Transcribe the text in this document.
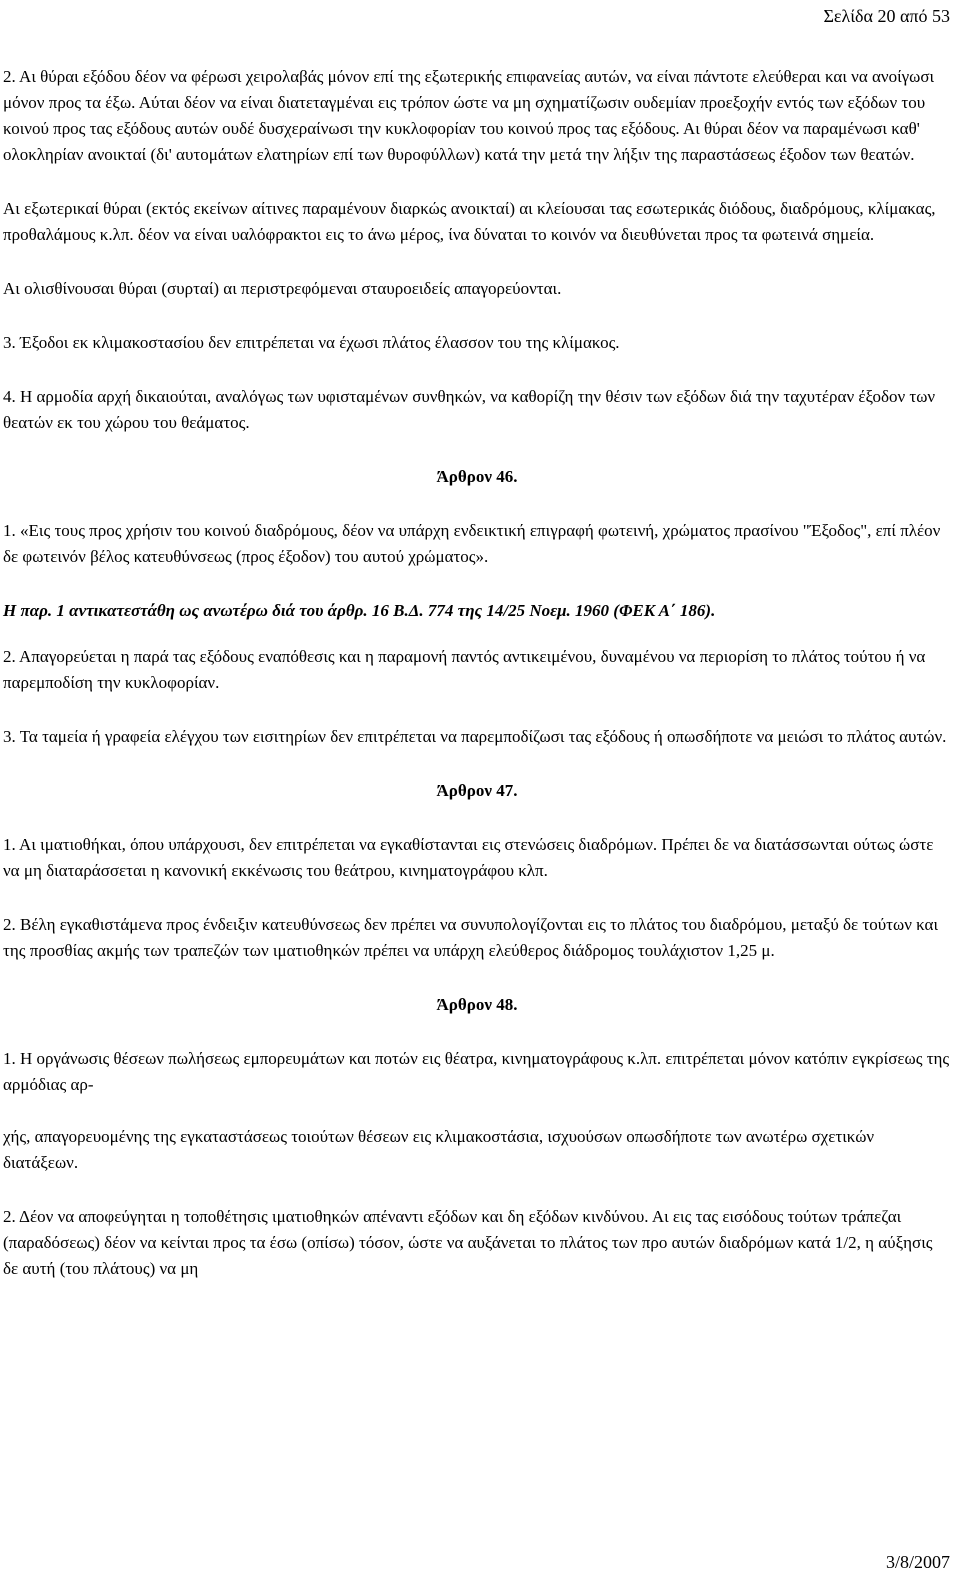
Σελίδα 20 από 53

2. Αι θύραι εξόδου δέον να φέρωσι χειρολαβάς μόνον επί της εξωτερικής επιφανείας αυτών, να είναι πάντοτε ελεύθεραι και να ανοίγωσι μόνον προς τα έξω. Αύται δέον να είναι διατεταγμέναι εις τρόπον ώστε να μη σχηματίζωσιν ουδεμίαν προεξοχήν εντός των εξόδων του κοινού προς τας εξόδους αυτών ουδέ δυσχεραίνωσι την κυκλοφορίαν του κοινού προς τας εξόδους. Αι θύραι δέον να παραμένωσι καθ' ολοκληρίαν ανοικταί (δι' αυτομάτων ελατηρίων επί των θυροφύλλων) κατά την μετά την λήξιν της παραστάσεως έξοδον των θεατών.

Αι εξωτερικαί θύραι (εκτός εκείνων αίτινες παραμένουν διαρκώς ανοικταί) αι κλείουσαι τας εσωτερικάς διόδους, διαδρόμους, κλίμακας, προθαλάμους κ.λπ. δέον να είναι υαλόφρακτοι εις το άνω μέρος, ίνα δύναται το κοινόν να διευθύνεται προς τα φωτεινά σημεία.

Αι ολισθίνουσαι θύραι (συρταί) αι περιστρεφόμεναι σταυροειδείς απαγορεύονται.

3. Έξοδοι εκ κλιμακοστασίου δεν επιτρέπεται να έχωσι πλάτος έλασσον του της κλίμακος.

4. Η αρμοδία αρχή δικαιούται, αναλόγως των υφισταμένων συνθηκών, να καθορίζη την θέσιν των εξόδων διά την ταχυτέραν έξοδον των θεατών εκ του χώρου του θεάματος.

Άρθρον 46.

1. «Εις τους προς χρήσιν του κοινού διαδρόμους, δέον να υπάρχη ενδεικτική επιγραφή φωτεινή, χρώματος πρασίνου "Έξοδος", επί πλέον δε φωτεινόν βέλος κατευθύνσεως (προς έξοδον) του αυτού χρώματος».

Η παρ. 1 αντικατεστάθη ως ανωτέρω διά του άρθρ. 16 Β.Δ. 774 της 14/25 Νοεμ. 1960 (ΦΕΚ Α΄ 186).

2. Απαγορεύεται η παρά τας εξόδους εναπόθεσις και η παραμονή παντός αντικειμένου, δυναμένου να περιορίση το πλάτος τούτου ή να παρεμποδίση την κυκλοφορίαν.

3. Τα ταμεία ή γραφεία ελέγχου των εισιτηρίων δεν επιτρέπεται να παρεμποδίζωσι τας εξόδους ή οπωσδήποτε να μειώσι το πλάτος αυτών.

Άρθρον 47.

1. Αι ιματιοθήκαι, όπου υπάρχουσι, δεν επιτρέπεται να εγκαθίστανται εις στενώσεις διαδρόμων. Πρέπει δε να διατάσσωνται ούτως ώστε να μη διαταράσσεται η κανονική εκκένωσις του θεάτρου, κινηματογράφου κλπ.

2. Βέλη εγκαθιστάμενα προς ένδειξιν κατευθύνσεως δεν πρέπει να συνυπολογίζονται εις το πλάτος του διαδρόμου, μεταξύ δε τούτων και της προσθίας ακμής των τραπεζών των ιματιοθηκών πρέπει να υπάρχη ελεύθερος διάδρομος τουλάχιστον 1,25 μ.

Άρθρον 48.

1. Η οργάνωσις θέσεων πωλήσεως εμπορευμάτων και ποτών εις θέατρα, κινηματογράφους κ.λπ. επιτρέπεται μόνον κατόπιν εγκρίσεως της αρμόδιας αρ-

χής, απαγορευομένης της εγκαταστάσεως τοιούτων θέσεων εις κλιμακοστάσια, ισχυούσων οπωσδήποτε των ανωτέρω σχετικών διατάξεων.

2. Δέον να αποφεύγηται η τοποθέτησις ιματιοθηκών απέναντι εξόδων και δη εξόδων κινδύνου. Αι εις τας εισόδους τούτων τράπεζαι (παραδόσεως) δέον να κείνται προς τα έσω (οπίσω) τόσον, ώστε να αυξάνεται το πλάτος των προ αυτών διαδρόμων κατά 1/2, η αύξησις δε αυτή (του πλάτους) να μη

3/8/2007
